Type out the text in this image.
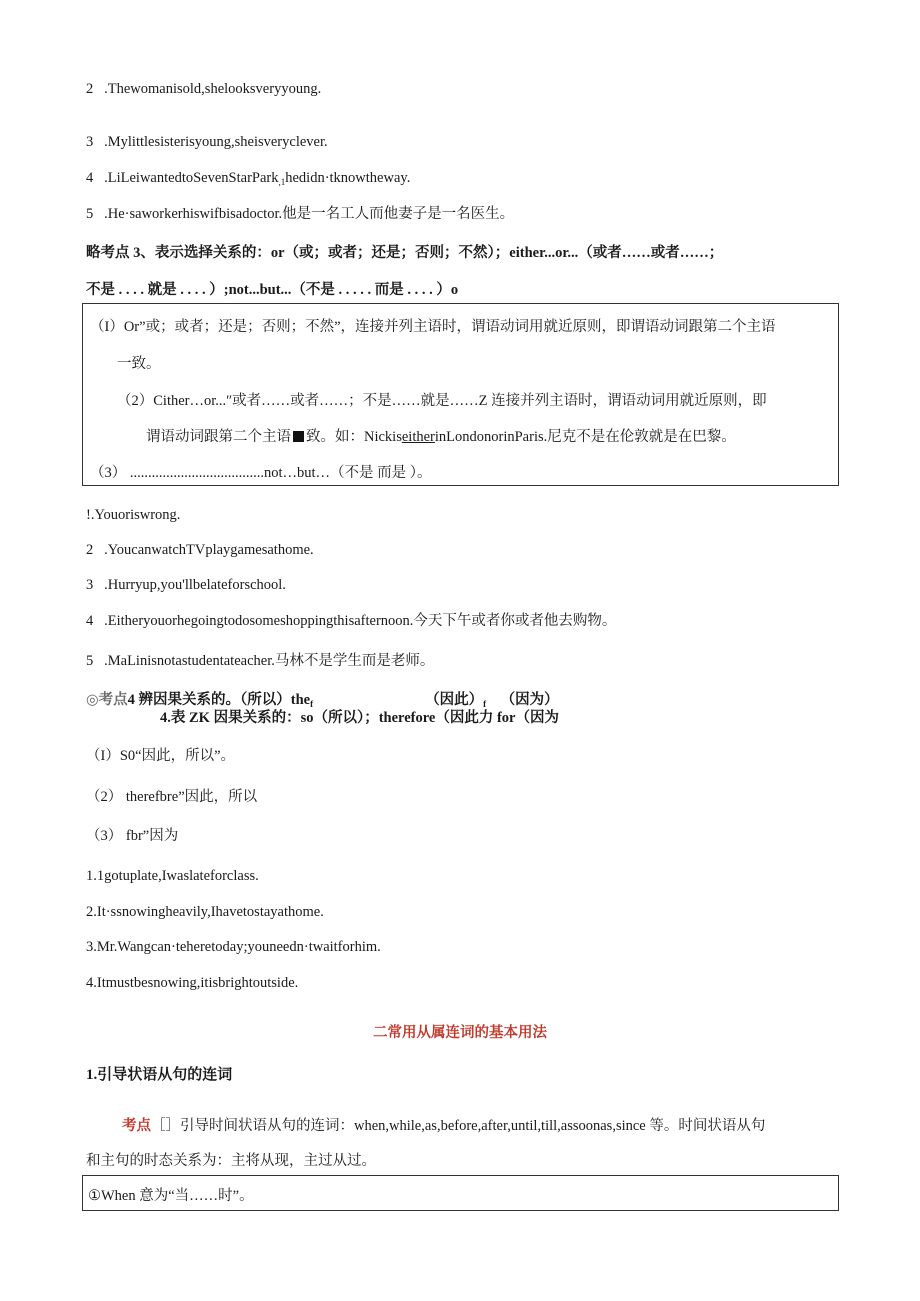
2 .Thewomanisold,shelooksveryyoung.
3 .Mylittlesisterisyoung,sheisveryclever.
4 .LiLeiwantedtoSevenStarPark$_{,1}$hedidn·tknowtheway.
5 .He·saworkerhiswifbisadoctor.他是一名工人而他妻子是一名医生。
略考点 3、表示选择关系的：or（或；或者；还是；否则；不然）；either...or...（或者……或者……；
不是 . . . . 就是 . . . . ）;not...but...（不是 . . . . . 而是 . . . . ）o
（I）Or”或；或者；还是；否则；不然”，连接并列主语时，谓语动词用就近原则，即谓语动词跟第二个主语
一致。
（2）Cither…or...″或者……或者……；不是……就是……Z 连接并列主语时，谓语动词用就近原则，即
谓语动词跟第二个主语 致。如：NickiseitherinLondonorinParis.尼克不是在伦敦就是在巴黎。
（3） .....................................not…but…（不是 而是 ）。
!.Youoriswrong.
2 .YoucanwatchTVplaygamesathome.
3 .Hurryup,you'llbelateforschool.
4 .Eitheryouorhegoingtodosomeshoppingthisafternoon.今天下午或者你或者他去购物。
5 .MaLinisnotastudentateacher.马林不是学生而是老师。
◎考点4 辨因果关系的。（所以）the$_f$	（因此）$_f$ （因为）
4.表 ZK 因果关系的：so（所以）；therefore（因此力 for（因为
（I）S0“因此，所以”。
（2） therefbre”因此，所以
（3） fbr”因为
1.1gotuplate,Iwaslateforclass.
2.It·ssnowingheavily,Ihavetostayathome.
3.Mr.Wangcan·teheretoday;youneedn·twaitforhim.
4.Itmustbesnowing,itisbrightoutside.
二常用从属连词的基本用法
1.引导状语从句的连词
考点［］引导时间状语从句的连词：when,while,as,before,after,until,till,assoonas,since 等。时间状语从句
和主句的时态关系为：主将从现，主过从过。
①When 意为“当……时”。
